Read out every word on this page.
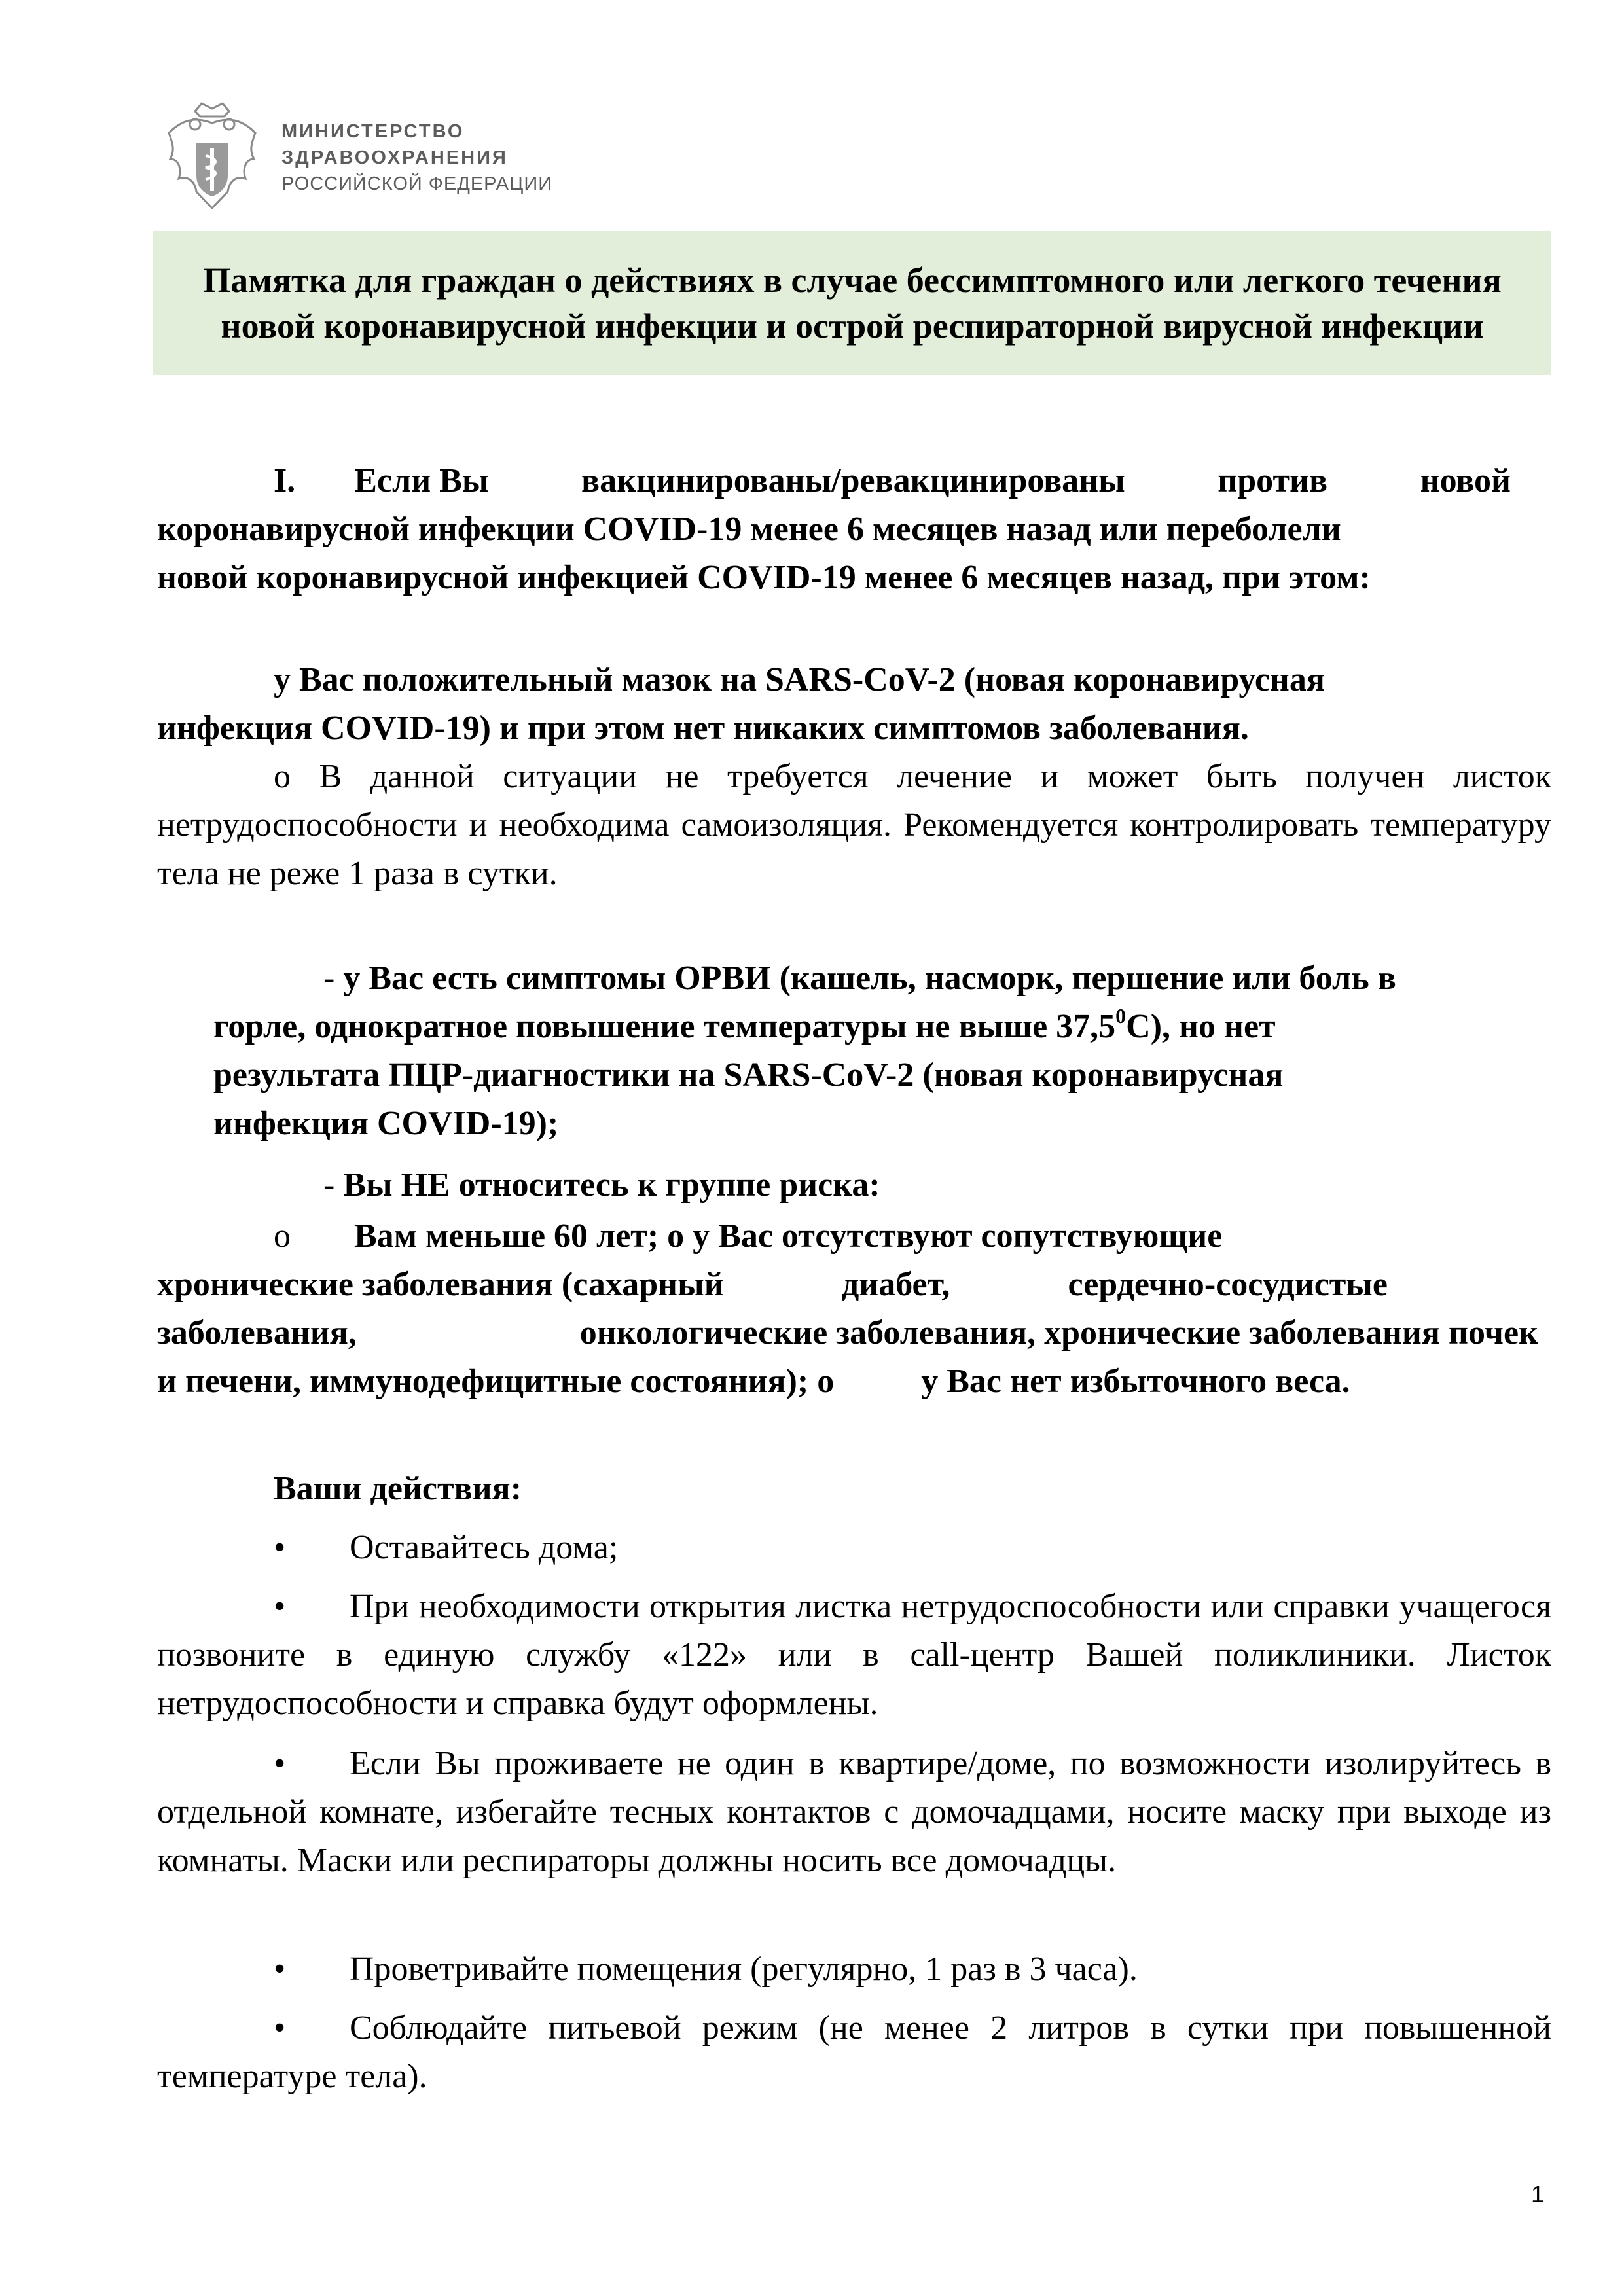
МИНИСТЕРСТВО
ЗДРАВООХРАНЕНИЯ
РОССИЙСКОЙ ФЕДЕРАЦИИ

Памятка для граждан о действиях в случае бессимптомного или легкого течения новой коронавирусной инфекции и острой респираторной вирусной инфекции

I. Если Вы	вакцинированы/ревакцинированы	против	новой
коронавирусной инфекции COVID-19 менее 6 месяцев назад или переболели
новой коронавирусной инфекцией COVID-19 менее 6 месяцев назад, при этом:
у Вас положительный мазок на SARS-CoV-2 (новая коронавирусная
инфекция COVID-19) и при этом нет никаких симптомов заболевания.

o В данной ситуации не требуется лечение и может быть получен листок нетрудоспособности и необходима самоизоляция. Рекомендуется контролировать температуру тела не реже 1 раза в сутки.

- у Вас есть симптомы ОРВИ (кашель, насморк, першение или боль в
горле, однократное повышение температуры не выше 37,5$^0$С), но нет
результата ПЦР-диагностики на SARS-CoV-2 (новая коронавирусная
инфекция COVID-19);
- Вы НЕ относитесь к группе риска:
o Вам меньше 60 лет; o у Вас отсутствуют сопутствующие
хронические заболевания (сахарный	диабет,	сердечно-сосудистые
заболевания,	онкологические заболевания, хронические заболевания почек
и печени, иммунодефицитные состояния); o	у Вас нет избыточного веса.
Ваши действия:
• Оставайтесь дома;

•	При необходимости открытия листка нетрудоспособности или справки учащегося позвоните в единую службу «122» или в call-центр Вашей поликлиники. Листок нетрудоспособности и справка будут оформлены.

•	Если Вы проживаете не один в квартире/доме, по возможности изолируйтесь в отдельной комнате, избегайте тесных контактов с домочадцами, носите маску при выходе из комнаты. Маски или респираторы должны носить все домочадцы.

• Проветривайте помещения (регулярно, 1 раз в 3 часа).

•	Соблюдайте питьевой режим (не менее 2 литров в сутки при повышенной температуре тела).

1
